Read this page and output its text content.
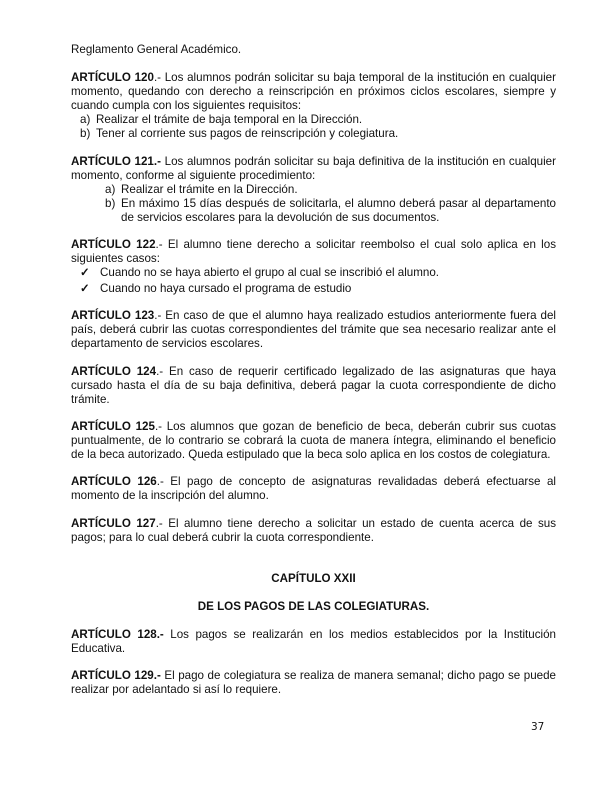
Reglamento General Académico.
ARTÍCULO 120.- Los alumnos podrán solicitar su baja temporal de la institución en cualquier momento, quedando con derecho a reinscripción en próximos ciclos escolares, siempre y cuando cumpla con los siguientes requisitos:
a) Realizar el trámite de baja temporal en la Dirección.
b) Tener al corriente sus pagos de reinscripción y colegiatura.
ARTÍCULO 121.- Los alumnos podrán solicitar su baja definitiva de la institución en cualquier momento, conforme al siguiente procedimiento:
a) Realizar el trámite en la Dirección.
b) En máximo 15 días después de solicitarla, el alumno deberá pasar al departamento de servicios escolares para la devolución de sus documentos.
ARTÍCULO 122.- El alumno tiene derecho a solicitar reembolso el cual solo aplica en los siguientes casos:
✓ Cuando no se haya abierto el grupo al cual se inscribió el alumno.
✓ Cuando no haya cursado el programa de estudio
ARTÍCULO 123.- En caso de que el alumno haya realizado estudios anteriormente fuera del país, deberá cubrir las cuotas correspondientes del trámite que sea necesario realizar ante el departamento de servicios escolares.
ARTÍCULO 124.- En caso de requerir certificado legalizado de las asignaturas que haya cursado hasta el día de su baja definitiva, deberá pagar la cuota correspondiente de dicho trámite.
ARTÍCULO 125.- Los alumnos que gozan de beneficio de beca, deberán cubrir sus cuotas puntualmente, de lo contrario se cobrará la cuota de manera íntegra, eliminando el beneficio de la beca autorizado. Queda estipulado que la beca solo aplica en los costos de colegiatura.
ARTÍCULO 126.- El pago de concepto de asignaturas revalidadas deberá efectuarse al momento de la inscripción del alumno.
ARTÍCULO 127.- El alumno tiene derecho a solicitar un estado de cuenta acerca de sus pagos; para lo cual deberá cubrir la cuota correspondiente.
CAPÍTULO XXII
DE LOS PAGOS DE LAS COLEGIATURAS.
ARTÍCULO 128.- Los pagos se realizarán en los medios establecidos por la Institución Educativa.
ARTÍCULO 129.- El pago de colegiatura se realiza de manera semanal; dicho pago se puede realizar por adelantado si así lo requiere.
37
